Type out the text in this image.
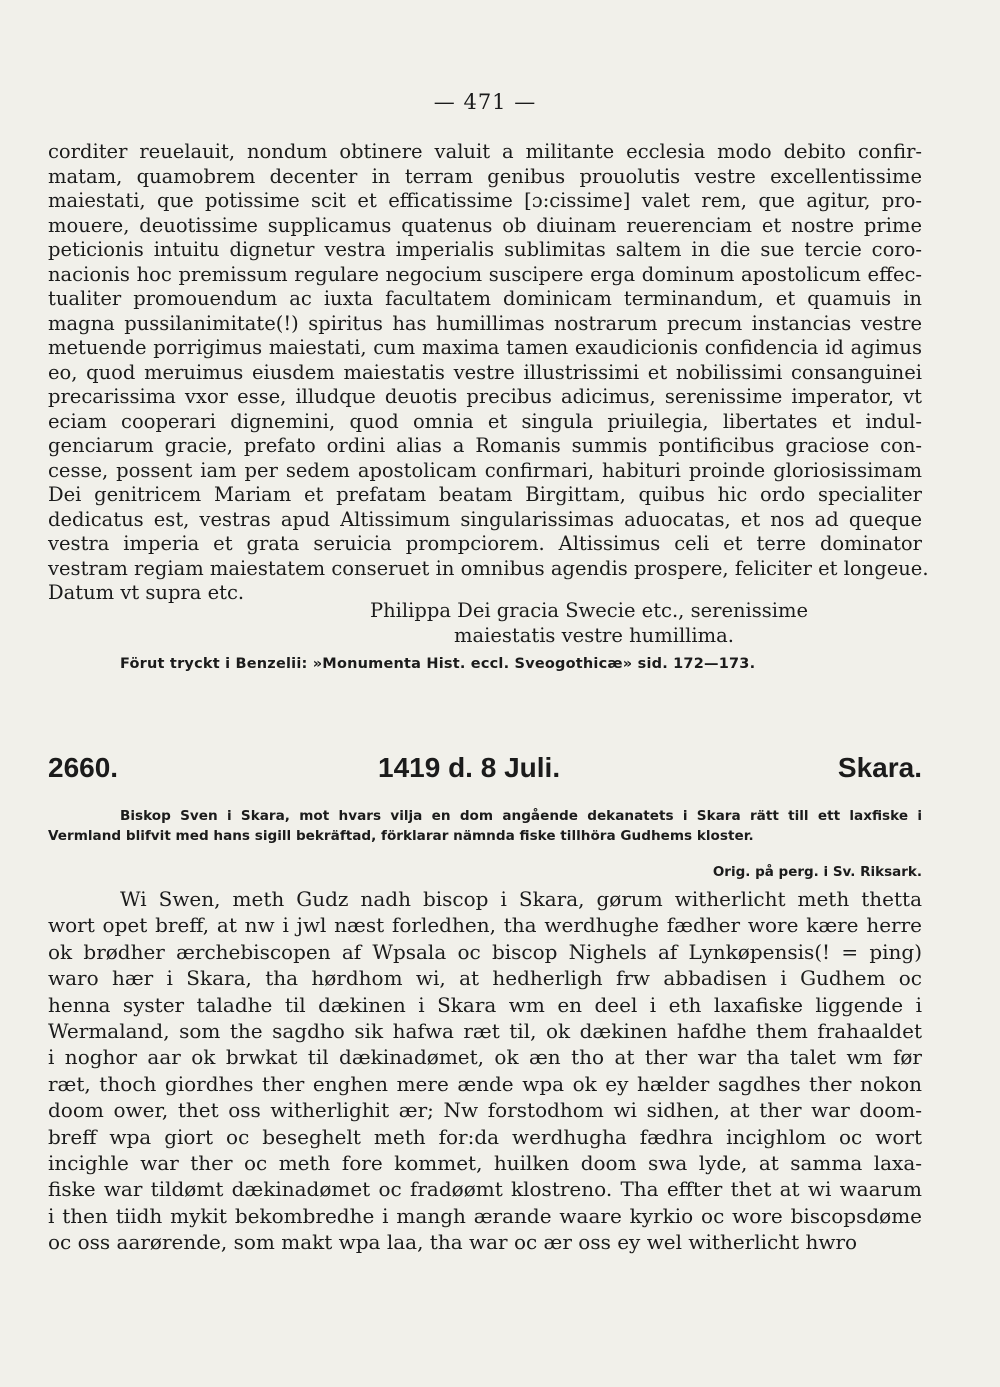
— 471 —
corditer reuelauit, nondum obtinere valuit a militante ecclesia modo debito confir-
matam, quamobrem decenter in terram genibus prouolutis vestre excellentissime
maiestati, que potissime scit et efficatissime [ɔ:cissime] valet rem, que agitur, pro-
mouere, deuotissime supplicamus quatenus ob diuinam reuerenciam et nostre prime
peticionis intuitu dignetur vestra imperialis sublimitas saltem in die sue tercie coro-
nacionis hoc premissum regulare negocium suscipere erga dominum apostolicum effec-
tualiter promouendum ac iuxta facultatem dominicam terminandum, et quamuis in
magna pussilanimitate(!) spiritus has humillimas nostrarum precum instancias vestre
metuende porrigimus maiestati, cum maxima tamen exaudicionis confidencia id agimus
eo, quod meruimus eiusdem maiestatis vestre illustrissimi et nobilissimi consanguinei
precarissima vxor esse, illudque deuotis precibus adicimus, serenissime imperator, vt
eciam cooperari dignemini, quod omnia et singula priuilegia, libertates et indul-
genciarum gracie, prefato ordini alias a Romanis summis pontificibus graciose con-
cesse, possent iam per sedem apostolicam confirmari, habituri proinde gloriosissimam
Dei genitricem Mariam et prefatam beatam Birgittam, quibus hic ordo specialiter
dedicatus est, vestras apud Altissimum singularissimas aduocatas, et nos ad queque
vestra imperia et grata seruicia prompciorem. Altissimus celi et terre dominator
vestram regiam maiestatem conseruet in omnibus agendis prospere, feliciter et longeue.
Datum vt supra etc.
Philippa Dei gracia Swecie etc., serenissime
maiestatis vestre humillima.
Förut tryckt i Benzelii: »Monumenta Hist. eccl. Sveogothicæ» sid. 172—173.
2660.	1419 d. 8 Juli.	Skara.
Biskop Sven i Skara, mot hvars vilja en dom angående dekanatets i Skara rätt till ett laxfiske i
Vermland blifvit med hans sigill bekräftad, förklarar nämnda fiske tillhöra Gudhems kloster.
Orig. på perg. i Sv. Riksark.
Wi Swen, meth Gudz nadh biscop i Skara, gørum witherlicht meth thetta
wort opet breff, at nw i jwl næst forledhen, tha werdhughe fædher wore kære herre
ok brødher ærchebiscopen af Wpsala oc biscop Nighels af Lynkøpensis(! = ping)
waro hær i Skara, tha hørdhom wi, at hedherligh frw abbadisen i Gudhem oc
henna syster taladhe til dækinen i Skara wm en deel i eth laxafiske liggende i
Wermaland, som the sagdho sik hafwa ræt til, ok dækinen hafdhe them frahaaldet
i noghor aar ok brwkat til dækinadømet, ok æn tho at ther war tha talet wm før
ræt, thoch giordhes ther enghen mere ænde wpa ok ey hælder sagdhes ther nokon
doom ower, thet oss witherlighit ær; Nw forstodhom wi sidhen, at ther war doom-
breff wpa giort oc beseghelt meth for:da werdhugha fædhra incighlom oc wort
incighle war ther oc meth fore kommet, huilken doom swa lyde, at samma laxa-
fiske war tildømt dækinadømet oc fradøømt klostreno. Tha effter thet at wi waarum
i then tiidh mykit bekombredhe i mangh ærande waare kyrkio oc wore biscopsdøme
oc oss aarørende, som makt wpa laa, tha war oc ær oss ey wel witherlicht hwro
